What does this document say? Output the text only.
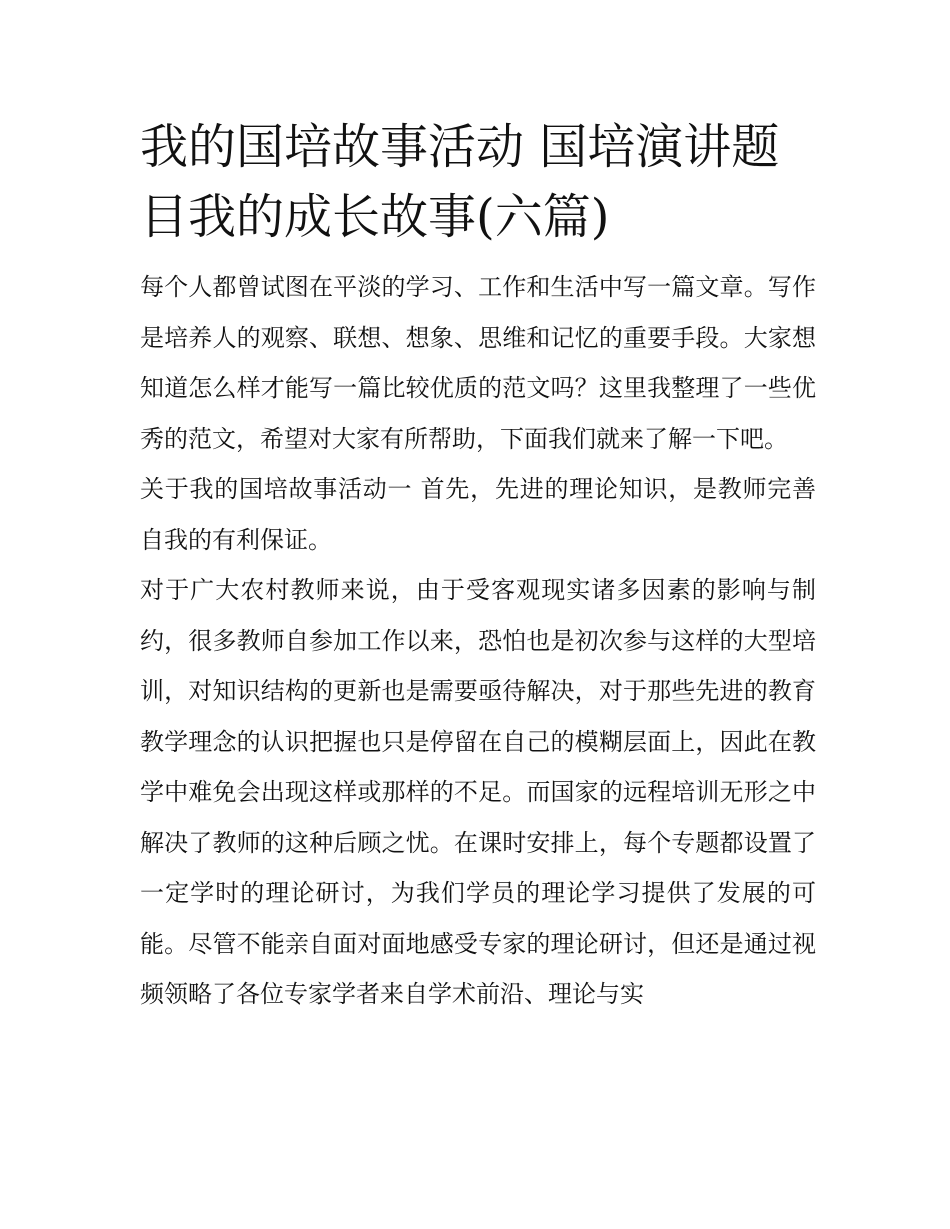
我的国培故事活动 国培演讲题目我的成长故事(六篇)

每个人都曾试图在平淡的学习、工作和生活中写一篇文章。写作是培养人的观察、联想、想象、思维和记忆的重要手段。大家想知道怎么样才能写一篇比较优质的范文吗？这里我整理了一些优秀的范文，希望对大家有所帮助，下面我们就来了解一下吧。

关于我的国培故事活动一 首先，先进的理论知识，是教师完善自我的有利保证。

对于广大农村教师来说，由于受客观现实诸多因素的影响与制约，很多教师自参加工作以来，恐怕也是初次参与这样的大型培训，对知识结构的更新也是需要亟待解决，对于那些先进的教育教学理念的认识把握也只是停留在自己的模糊层面上，因此在教学中难免会出现这样或那样的不足。而国家的远程培训无形之中解决了教师的这种后顾之忧。在课时安排上，每个专题都设置了一定学时的理论研讨，为我们学员的理论学习提供了发展的可能。尽管不能亲自面对面地感受专家的理论研讨，但还是通过视频领略了各位专家学者来自学术前沿、理论与实
